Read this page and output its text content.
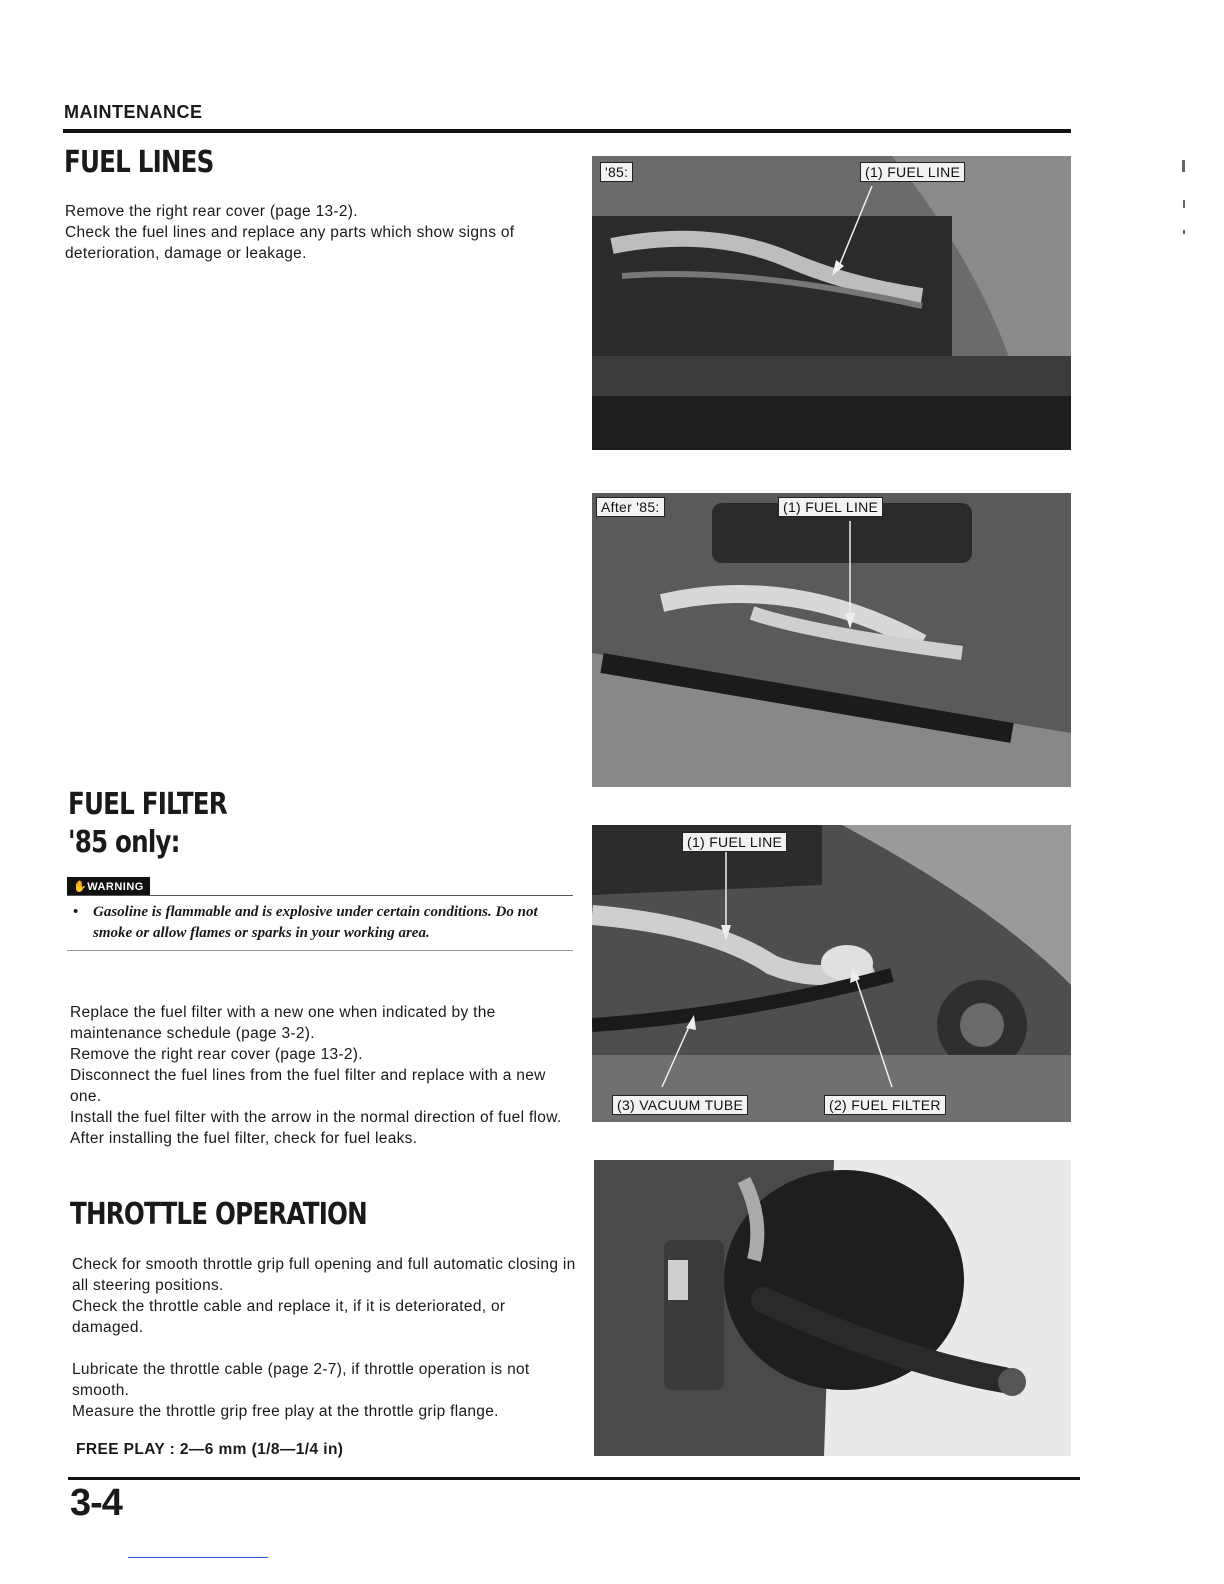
MAINTENANCE
FUEL LINES

Remove the right rear cover (page 13-2).

Check the fuel lines and replace any parts which show signs of deterioration, damage or leakage.

'85:	(1) FUEL LINE
After '85:	(1) FUEL LINE
FUEL FILTER
'85 only:
✋WARNING
• Gasoline is flammable and is explosive under certain conditions. Do not smoke or allow flames or sparks in your working area.

Replace the fuel filter with a new one when indicated by the maintenance schedule (page 3-2).

Remove the right rear cover (page 13-2).

Disconnect the fuel lines from the fuel filter and replace with a new one.

Install the fuel filter with the arrow in the normal direction of fuel flow.

After installing the fuel filter, check for fuel leaks.

(1) FUEL LINE
(2) FUEL FILTER
(3) VACUUM TUBE
THROTTLE OPERATION

Check for smooth throttle grip full opening and full automatic closing in all steering positions.

Check the throttle cable and replace it, if it is deteriorated, or damaged.

Lubricate the throttle cable (page 2-7), if throttle operation is not smooth.

Measure the throttle grip free play at the throttle grip flange.

FREE PLAY : 2—6 mm (1/8—1/4 in)
3-4
